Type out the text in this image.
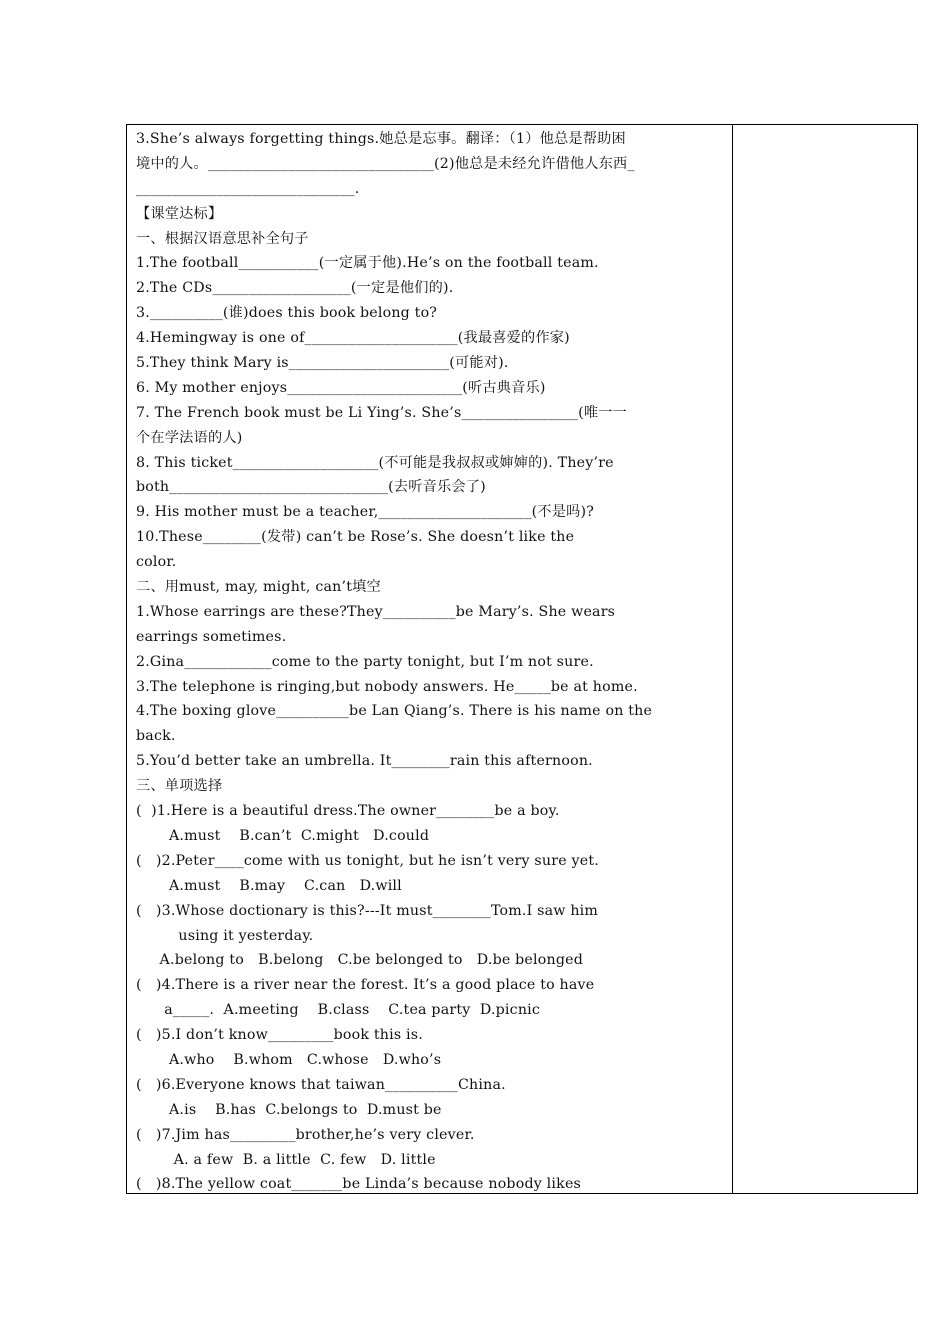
3.She’s always forgetting things.她总是忘事。翻译：（1）他总是帮助困
境中的人。_______________________________(2)他总是未经允许借他人东西_
______________________________.
【课堂达标】
一、根据汉语意思补全句子
1.The football___________(一定属于他).He’s on the football team.
2.The CDs___________________(一定是他们的).
3.__________(谁)does this book belong to?
4.Hemingway is one of_____________________(我最喜爱的作家)
5.They think Mary is______________________(可能对).
6. My mother enjoys________________________(听古典音乐)
7. The French book must be Li Ying’s. She’s________________(唯一一
个在学法语的人)
8. This ticket____________________(不可能是我叔叔或婶婶的). They’re
both______________________________(去听音乐会了)
9. His mother must be a teacher,_____________________(不是吗)?
10.These________(发带) can’t be Rose’s. She doesn’t like the
color.
二、用must, may, might, can’t填空
1.Whose earrings are these?They__________be Mary’s. She wears
earrings sometimes.
2.Gina____________come to the party tonight, but I’m not sure.
3.The telephone is ringing,but nobody answers. He_____be at home.
4.The boxing glove__________be Lan Qiang’s. There is his name on the
back.
5.You’d better take an umbrella. It________rain this afternoon.
三、单项选择
(  )1.Here is a beautiful dress.The owner________be a boy.
A.must    B.can’t  C.might   D.could
(   )2.Peter____come with us tonight, but he isn’t very sure yet.
A.must    B.may    C.can   D.will
(   )3.Whose doctionary is this?---It must________Tom.I saw him
using it yesterday.
A.belong to   B.belong   C.be belonged to   D.be belonged
(   )4.There is a river near the forest. It’s a good place to have
a_____.  A.meeting    B.class    C.tea party  D.picnic
(   )5.I don’t know_________book this is.
A.who    B.whom   C.whose   D.who’s
(   )6.Everyone knows that taiwan__________China.
A.is    B.has  C.belongs to  D.must be
(   )7.Jim has_________brother,he’s very clever.
A. a few  B. a little  C. few   D. little
(   )8.The yellow coat_______be Linda’s because nobody likes
